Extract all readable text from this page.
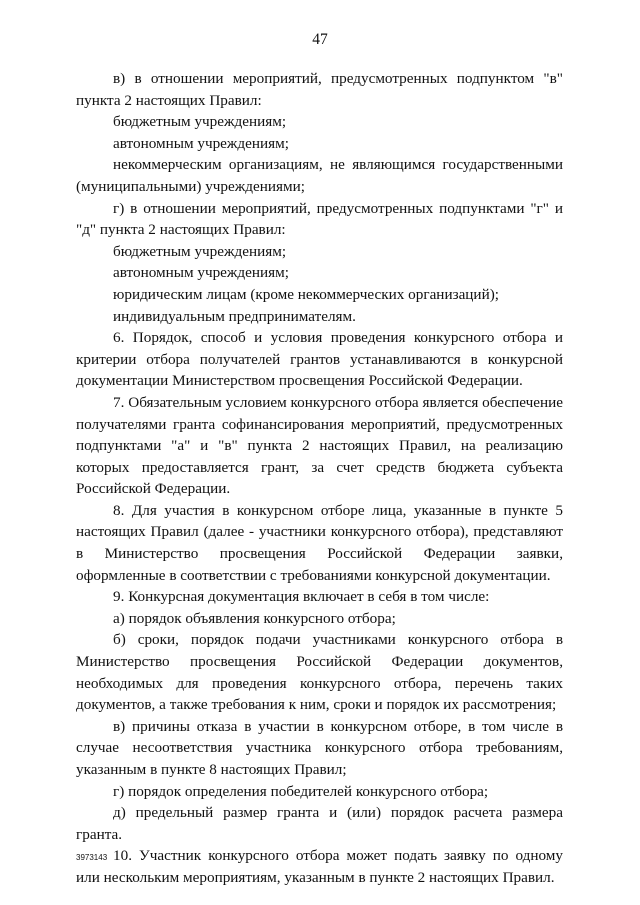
47

в) в отношении мероприятий, предусмотренных подпунктом "в" пункта 2 настоящих Правил:

бюджетным учреждениям;

автономным учреждениям;

некоммерческим организациям, не являющимся государственными (муниципальными) учреждениями;

г) в отношении мероприятий, предусмотренных подпунктами "г" и "д" пункта 2 настоящих Правил:

бюджетным учреждениям;

автономным учреждениям;

юридическим лицам (кроме некоммерческих организаций);

индивидуальным предпринимателям.

6. Порядок, способ и условия проведения конкурсного отбора и критерии отбора получателей грантов устанавливаются в конкурсной документации Министерством просвещения Российской Федерации.

7. Обязательным условием конкурсного отбора является обеспечение получателями гранта софинансирования мероприятий, предусмотренных подпунктами "а" и "в" пункта 2 настоящих Правил, на реализацию которых предоставляется грант, за счет средств бюджета субъекта Российской Федерации.

8. Для участия в конкурсном отборе лица, указанные в пункте 5 настоящих Правил (далее - участники конкурсного отбора), представляют в Министерство просвещения Российской Федерации заявки, оформленные в соответствии с требованиями конкурсной документации.

9. Конкурсная документация включает в себя в том числе:

а) порядок объявления конкурсного отбора;

б) сроки, порядок подачи участниками конкурсного отбора в Министерство просвещения Российской Федерации документов, необходимых для проведения конкурсного отбора, перечень таких документов, а также требования к ним, сроки и порядок их рассмотрения;

в) причины отказа в участии в конкурсном отборе, в том числе в случае несоответствия участника конкурсного отбора требованиям, указанным в пункте 8 настоящих Правил;

г) порядок определения победителей конкурсного отбора;

д) предельный размер гранта и (или) порядок расчета размера гранта.

10. Участник конкурсного отбора может подать заявку по одному или нескольким мероприятиям, указанным в пункте 2 настоящих Правил.

3973143
